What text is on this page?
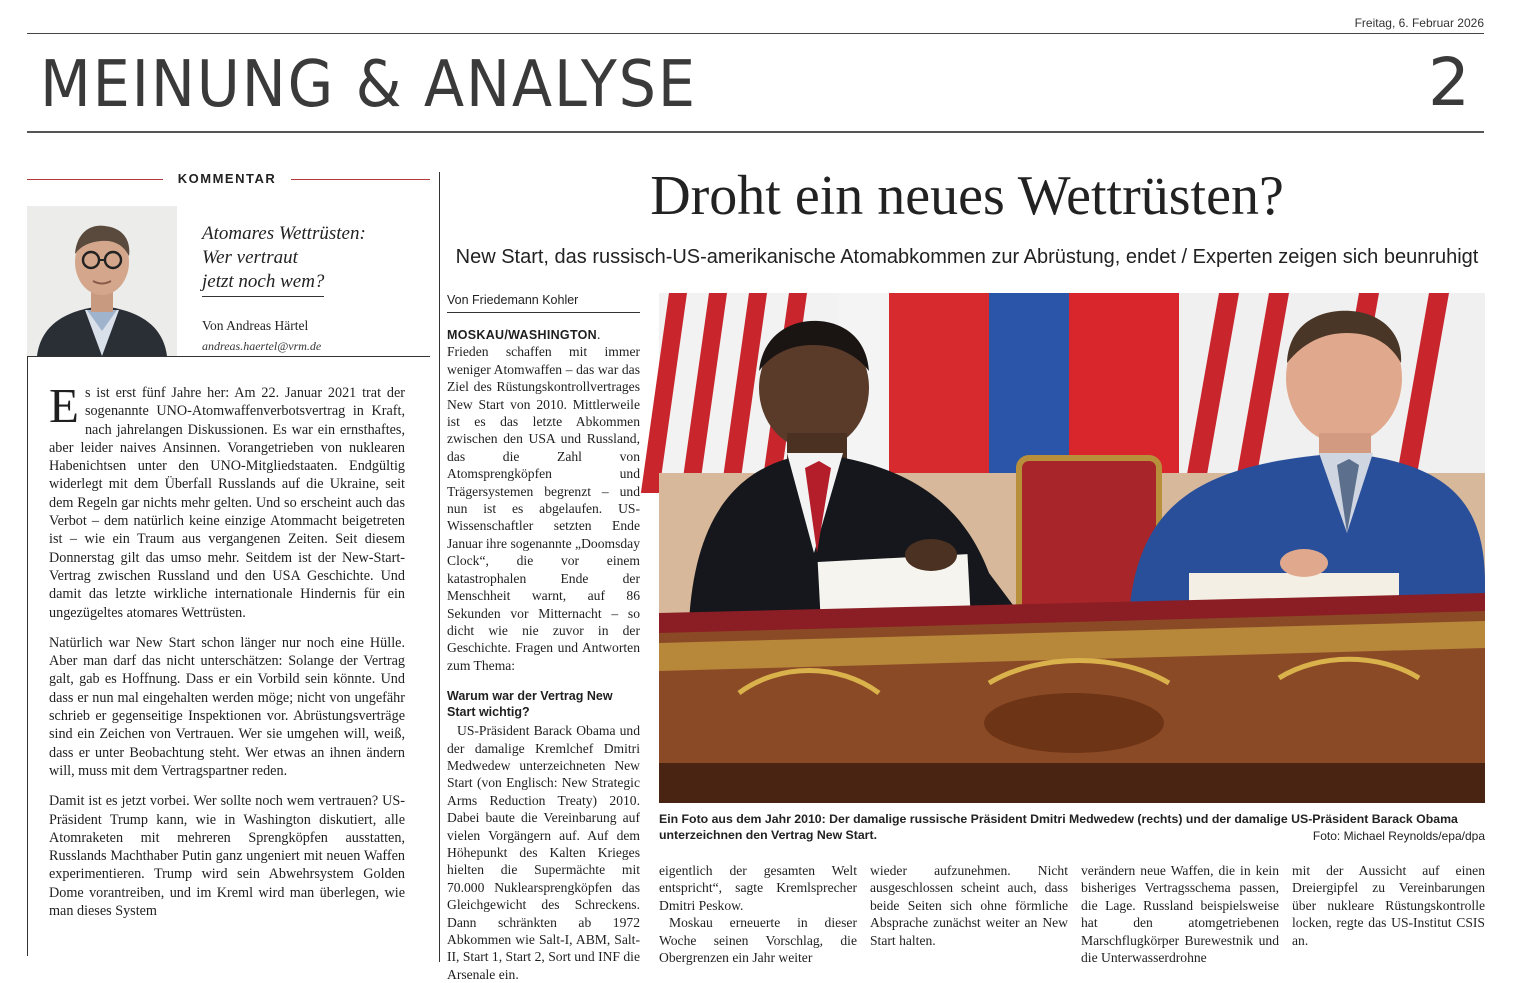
Freitag, 6. Februar 2026
MEINUNG & ANALYSE	2
KOMMENTAR
Atomares Wettrüsten:
Wer vertraut
jetzt noch wem?
Von Andreas Härtel
andreas.haertel@vrm.de

Es ist erst fünf Jahre her: Am 22. Januar 2021 trat der sogenannte UNO-Atomwaffenverbotsvertrag in Kraft, nach jahrelangen Diskussionen. Es war ein ernsthaftes, aber leider naives Ansinnen. Vorangetrieben von nuklearen Habenichtsen unter den UNO-Mitgliedstaaten. Endgültig widerlegt mit dem Überfall Russlands auf die Ukraine, seit dem Regeln gar nichts mehr gelten. Und so erscheint auch das Verbot – dem natürlich keine einzige Atommacht beigetreten ist – wie ein Traum aus vergangenen Zeiten. Seit diesem Donnerstag gilt das umso mehr. Seitdem ist der New-Start-Vertrag zwischen Russland und den USA Geschichte. Und damit das letzte wirkliche internationale Hindernis für ein ungezügeltes atomares Wettrüsten.

Natürlich war New Start schon länger nur noch eine Hülle. Aber man darf das nicht unterschätzen: Solange der Vertrag galt, gab es Hoffnung. Dass er ein Vorbild sein könnte. Und dass er nun mal eingehalten werden möge; nicht von ungefähr schrieb er gegenseitige Inspektionen vor. Abrüstungsverträge sind ein Zeichen von Vertrauen. Wer sie umgehen will, weiß, dass er unter Beobachtung steht. Wer etwas an ihnen ändern will, muss mit dem Vertragspartner reden.

Damit ist es jetzt vorbei. Wer sollte noch wem vertrauen? US-Präsident Trump kann, wie in Washington diskutiert, alle Atomraketen mit mehreren Sprengköpfen ausstatten, Russlands Machthaber Putin ganz ungeniert mit neuen Waffen experimentieren. Trump wird sein Abwehrsystem Golden Dome vorantreiben, und im Kreml wird man überlegen, wie man dieses System

Droht ein neues Wettrüsten?
New Start, das russisch-US-amerikanische Atomabkommen zur Abrüstung, endet / Experten zeigen sich beunruhigt
Von Friedemann Kohler

MOSKAU/WASHINGTON. Frieden schaffen mit immer weniger Atomwaffen – das war das Ziel des Rüstungskontrollvertrages New Start von 2010. Mittlerweile ist es das letzte Abkommen zwischen den USA und Russland, das die Zahl von Atomsprengköpfen und Trägersystemen begrenzt – und nun ist es abgelaufen. US-Wissenschaftler setzten Ende Januar ihre sogenannte „Doomsday Clock“, die vor einem katastrophalen Ende der Menschheit warnt, auf 86 Sekunden vor Mitternacht – so dicht wie nie zuvor in der Geschichte. Fragen und Antworten zum Thema:

Warum war der Vertrag New Start wichtig?

US-Präsident Barack Obama und der damalige Kremlchef Dmitri Medwedew unterzeichneten New Start (von Englisch: New Strategic Arms Reduction Treaty) 2010. Dabei baute die Vereinbarung auf vielen Vorgängern auf. Auf dem Höhepunkt des Kalten Krieges hielten die Supermächte mit 70.000 Nuklearsprengköpfen das Gleichgewicht des Schreckens. Dann schränkten ab 1972 Abkommen wie Salt-I, ABM, Salt-II, Start 1, Start 2, Sort und INF die Arsenale ein.

Ein Foto aus dem Jahr 2010: Der damalige russische Präsident Dmitri Medwedew (rechts) und der damalige US-Präsident Barack Obama unterzeichnen den Vertrag New Start.	Foto: Michael Reynolds/epa/dpa

eigentlich der gesamten Welt entspricht“, sagte Kremlsprecher Dmitri Peskow.

Moskau erneuerte in dieser Woche seinen Vorschlag, die Obergrenzen ein Jahr weiter

wieder aufzunehmen. Nicht ausgeschlossen scheint auch, dass beide Seiten sich ohne förmliche Absprache zunächst weiter an New Start halten.

verändern neue Waffen, die in kein bisheriges Vertragsschema passen, die Lage. Russland beispielsweise hat den atomgetriebenen Marschflugkörper Burewestnik und die Unterwasserdrohne

mit der Aussicht auf einen Dreiergipfel zu Vereinbarungen über nukleare Rüstungskontrolle locken, regte das US-Institut CSIS an.
